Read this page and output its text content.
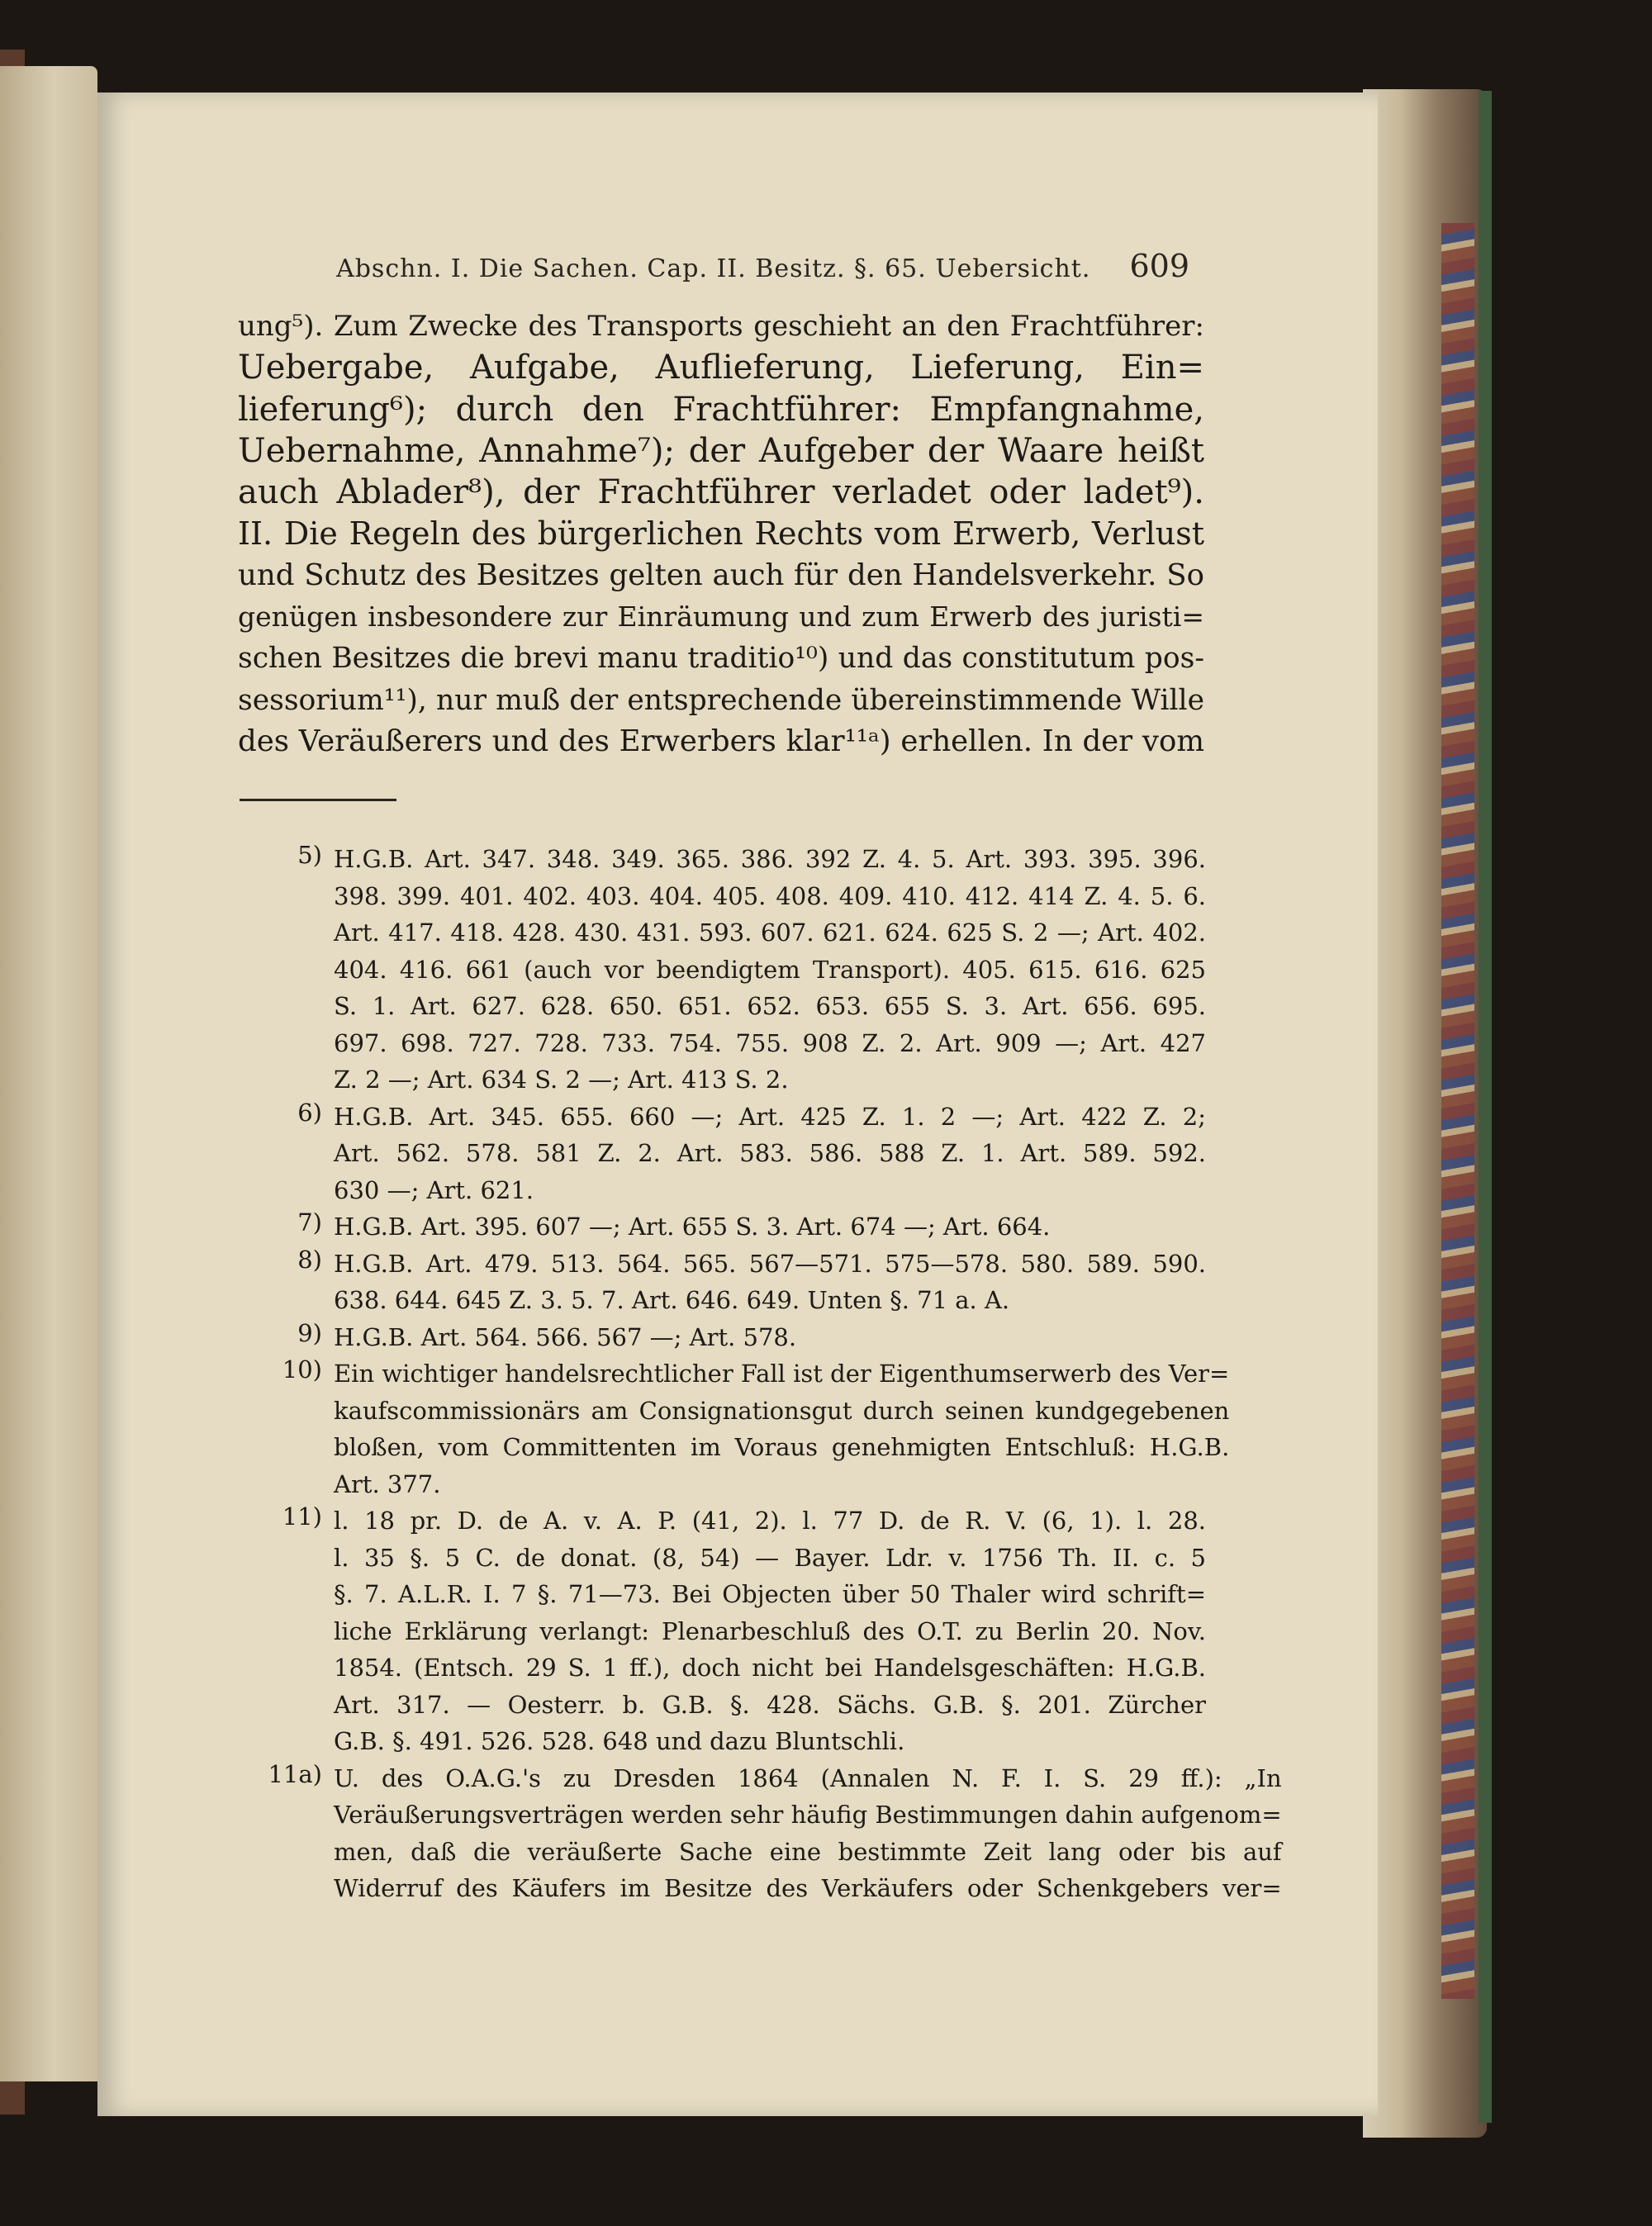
Abschn. I. Die Sachen. Cap. II. Besitz. §. 65. Uebersicht.	609
ung⁵). Zum Zwecke des Transports geschieht an den Frachtführer:
Uebergabe, Aufgabe, Auflieferung, Lieferung, Ein=
lieferung⁶); durch den Frachtführer: Empfangnahme,
Uebernahme, Annahme⁷); der Aufgeber der Waare heißt
auch Ablader⁸), der Frachtführer verladet oder ladet⁹).
II. Die Regeln des bürgerlichen Rechts vom Erwerb, Verlust
und Schutz des Besitzes gelten auch für den Handelsverkehr. So
genügen insbesondere zur Einräumung und zum Erwerb des juristi=
schen Besitzes die brevi manu traditio¹⁰) und das constitutum pos-
sessorium¹¹), nur muß der entsprechende übereinstimmende Wille
des Veräußerers und des Erwerbers klar¹¹ᵃ) erhellen. In der vom
5) H.G.B. Art. 347. 348. 349. 365. 386. 392 Z. 4. 5. Art. 393. 395. 396.
398. 399. 401. 402. 403. 404. 405. 408. 409. 410. 412. 414 Z. 4. 5. 6.
Art. 417. 418. 428. 430. 431. 593. 607. 621. 624. 625 S. 2 —; Art. 402.
404. 416. 661 (auch vor beendigtem Transport). 405. 615. 616. 625
S. 1. Art. 627. 628. 650. 651. 652. 653. 655 S. 3. Art. 656. 695.
697. 698. 727. 728. 733. 754. 755. 908 Z. 2. Art. 909 —; Art. 427
Z. 2 —; Art. 634 S. 2 —; Art. 413 S. 2.
6) H.G.B. Art. 345. 655. 660 —; Art. 425 Z. 1. 2 —; Art. 422 Z. 2;
Art. 562. 578. 581 Z. 2. Art. 583. 586. 588 Z. 1. Art. 589. 592.
630 —; Art. 621.
7) H.G.B. Art. 395. 607 —; Art. 655 S. 3. Art. 674 —; Art. 664.
8) H.G.B. Art. 479. 513. 564. 565. 567—571. 575—578. 580. 589. 590.
638. 644. 645 Z. 3. 5. 7. Art. 646. 649. Unten §. 71 a. A.
9) H.G.B. Art. 564. 566. 567 —; Art. 578.
10) Ein wichtiger handelsrechtlicher Fall ist der Eigenthumserwerb des Ver=
kaufscommissionärs am Consignationsgut durch seinen kundgegebenen
bloßen, vom Committenten im Voraus genehmigten Entschluß: H.G.B.
Art. 377.
11) l. 18 pr. D. de A. v. A. P. (41, 2). l. 77 D. de R. V. (6, 1). l. 28.
l. 35 §. 5 C. de donat. (8, 54) — Bayer. Ldr. v. 1756 Th. II. c. 5
§. 7. A.L.R. I. 7 §. 71—73. Bei Objecten über 50 Thaler wird schrift=
liche Erklärung verlangt: Plenarbeschluß des O.T. zu Berlin 20. Nov.
1854. (Entsch. 29 S. 1 ff.), doch nicht bei Handelsgeschäften: H.G.B.
Art. 317. — Oesterr. b. G.B. §. 428. Sächs. G.B. §. 201. Zürcher
G.B. §. 491. 526. 528. 648 und dazu Bluntschli.
11a) U. des O.A.G.'s zu Dresden 1864 (Annalen N. F. I. S. 29 ff.): „In
Veräußerungsverträgen werden sehr häufig Bestimmungen dahin aufgenom=
men, daß die veräußerte Sache eine bestimmte Zeit lang oder bis auf
Widerruf des Käufers im Besitze des Verkäufers oder Schenkgebers ver=
